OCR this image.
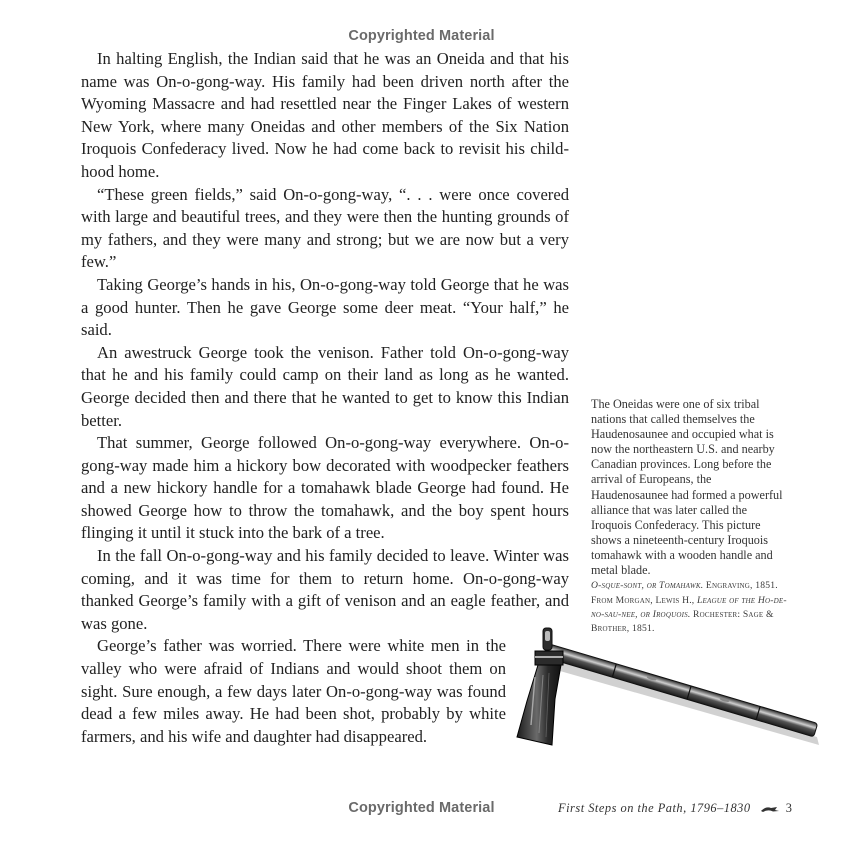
Copyrighted Material

In halting English, the Indian said that he was an Oneida and that his name was On-o-gong-way. His family had been driven north after the Wyoming Massacre and had resettled near the Finger Lakes of western New York, where many Oneidas and other members of the Six Nation Iroquois Confederacy lived. Now he had come back to revisit his childhood home.

“These green fields,” said On-o-gong-way, “. . . were once covered with large and beautiful trees, and they were then the hunting grounds of my fathers, and they were many and strong; but we are now but a very few.”

Taking George’s hands in his, On-o-gong-way told George that he was a good hunter. Then he gave George some deer meat. “Your half,” he said.

An awestruck George took the venison. Father told On-o-gong-way that he and his family could camp on their land as long as he wanted. George decided then and there that he wanted to get to know this Indian better.

That summer, George followed On-o-gong-way everywhere. On-ogong-way made him a hickory bow decorated with woodpecker feathers and a new hickory handle for a tomahawk blade George had found. He showed George how to throw the tomahawk, and the boy spent hours flinging it until it stuck into the bark of a tree.

In the fall On-o-gong-way and his family decided to leave. Winter was coming, and it was time for them to return home. On-o-gong-way thanked George’s family with a gift of venison and an eagle feather, and was gone.

George’s father was worried. There were white men in the valley who were afraid of Indians and would shoot them on sight. Sure enough, a few days later On-o-gong-way was found dead a few miles away. He had been shot, probably by white farmers, and his wife and daughter had disappeared.

The Oneidas were one of six tribal nations that called themselves the Haudenosaunee and occupied what is now the northeastern U.S. and nearby Canadian provinces. Long before the arrival of Europeans, the Haudenosaunee had formed a powerful alliance that was later called the Iroquois Confederacy. This picture shows a nineteenth-century Iroquois tomahawk with a wooden handle and metal blade.

O-sque-sont, or Tomahawk. Engraving, 1851. From Morgan, Lewis H., League of the Ho-de-no-sau-nee, or Iroquois. Rochester: Sage & Brother, 1851.

Copyrighted Material	First Steps on the Path, 1796–1830	3
